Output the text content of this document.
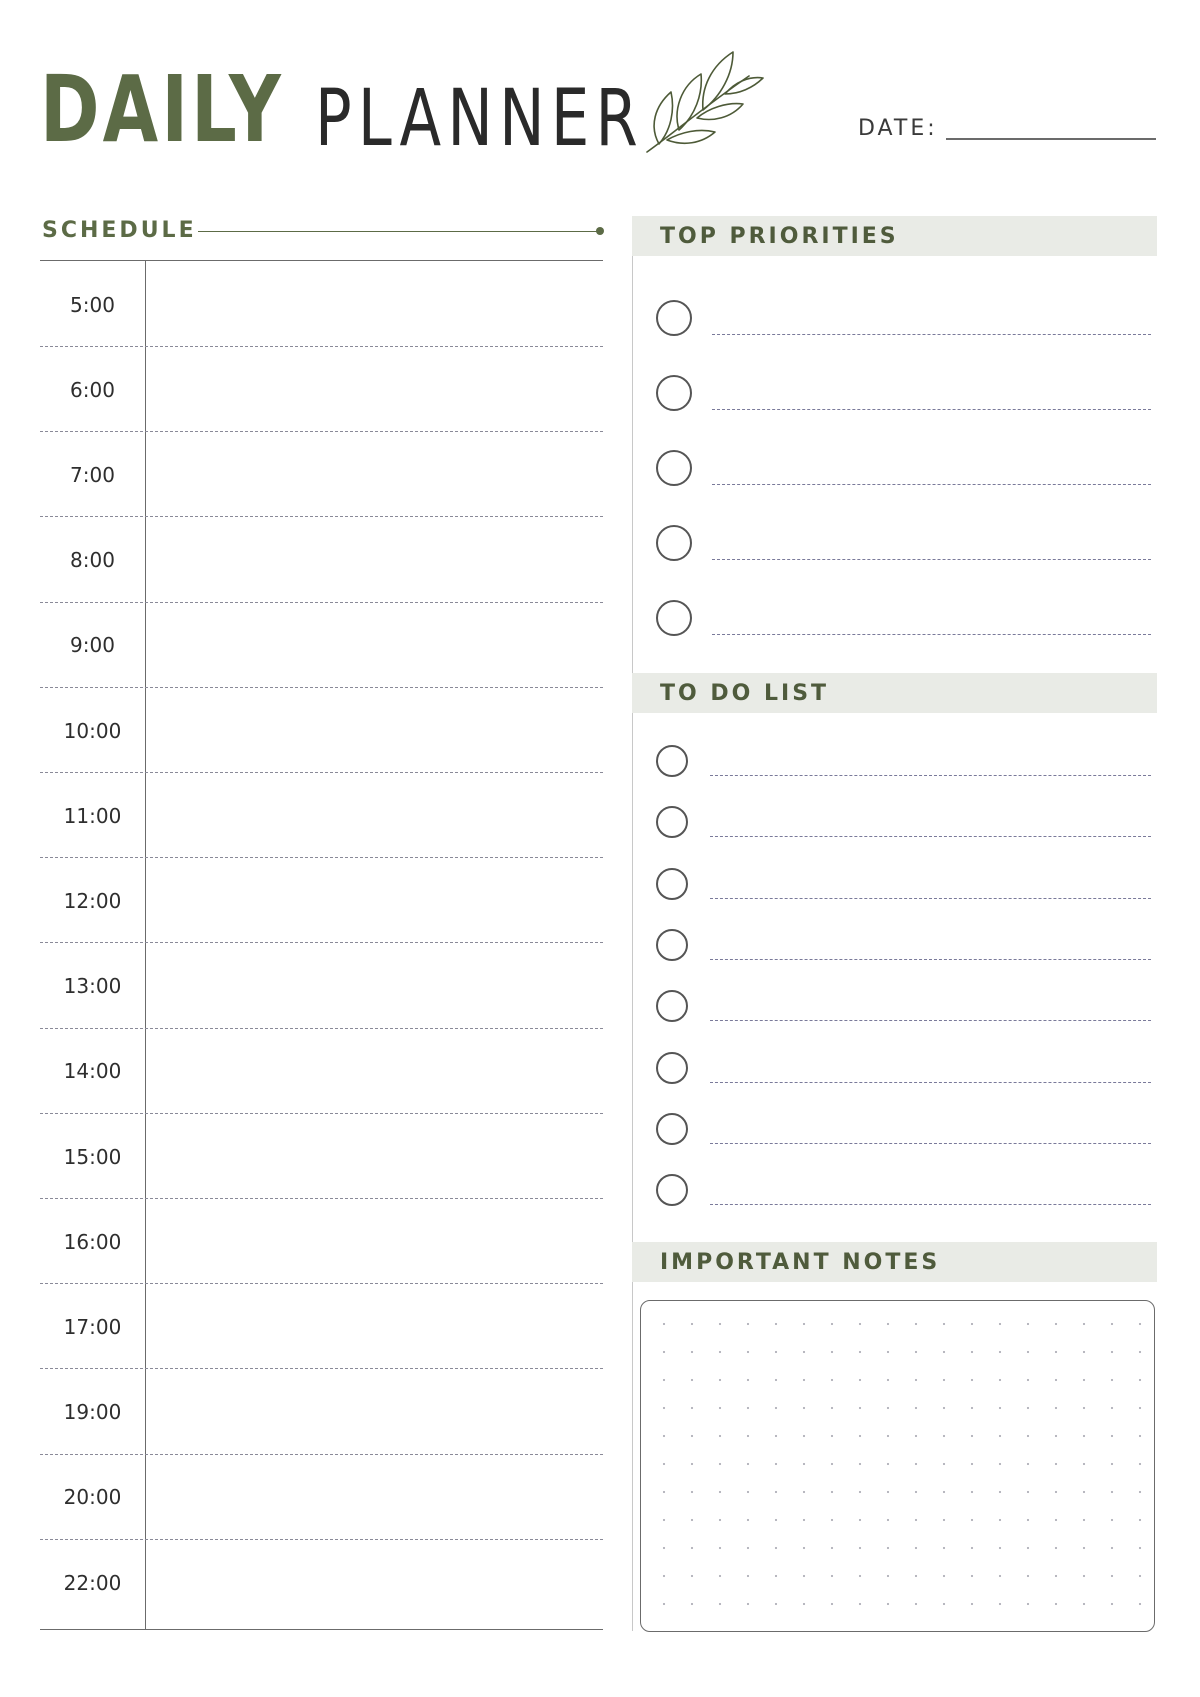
DAILY PLANNER	DATE:
SCHEDULE
5:00
6:00
7:00
8:00
9:00
10:00
11:00
12:00
13:00
14:00
15:00
16:00
17:00
19:00
20:00
22:00
TOP PRIORITIES
TO DO LIST
IMPORTANT NOTES
